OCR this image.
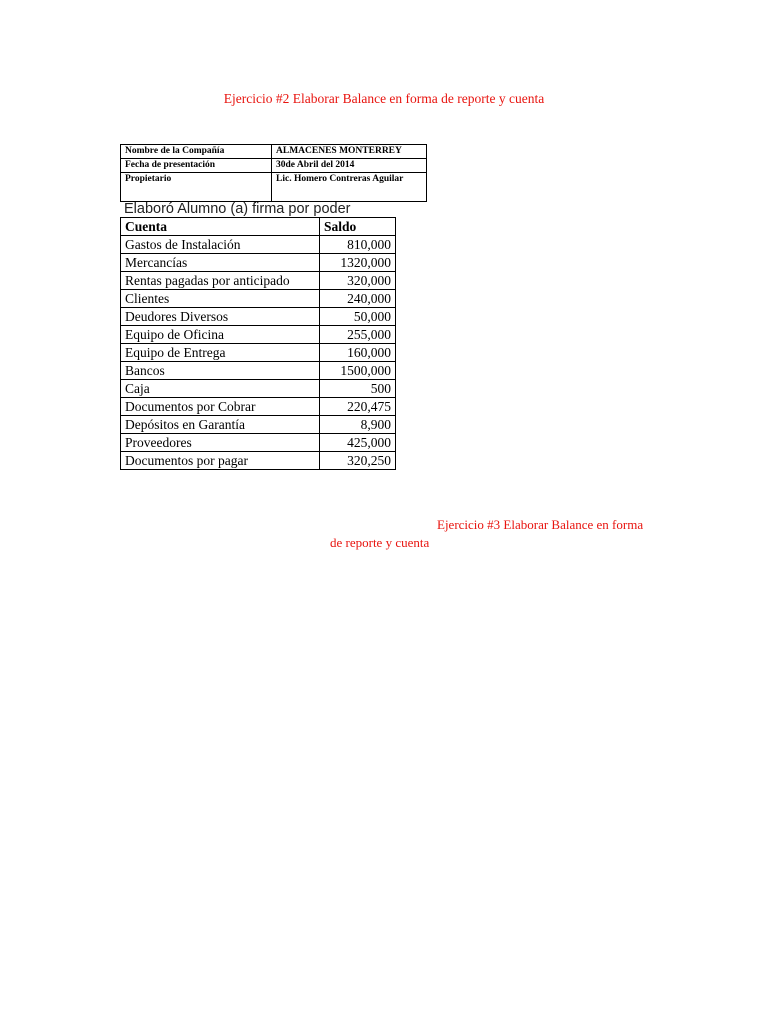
Ejercicio #2 Elaborar Balance en forma de reporte y cuenta
Nombre de la Compañía	ALMACENES MONTERREY
Fecha de presentación	30de Abril del 2014
Propietario	Lic. Homero Contreras Aguilar
Elaboró Alumno (a) firma por poder
Cuenta	Saldo
Gastos de Instalación	810,000
Mercancías	1320,000
Rentas pagadas por anticipado	320,000
Clientes	240,000
Deudores Diversos	50,000
Equipo de Oficina	255,000
Equipo de Entrega	160,000
Bancos	1500,000
Caja	500
Documentos por Cobrar	220,475
Depósitos en Garantía	8,900
Proveedores	425,000
Documentos por pagar	320,250
Ejercicio #3 Elaborar Balance en forma
de reporte y cuenta
